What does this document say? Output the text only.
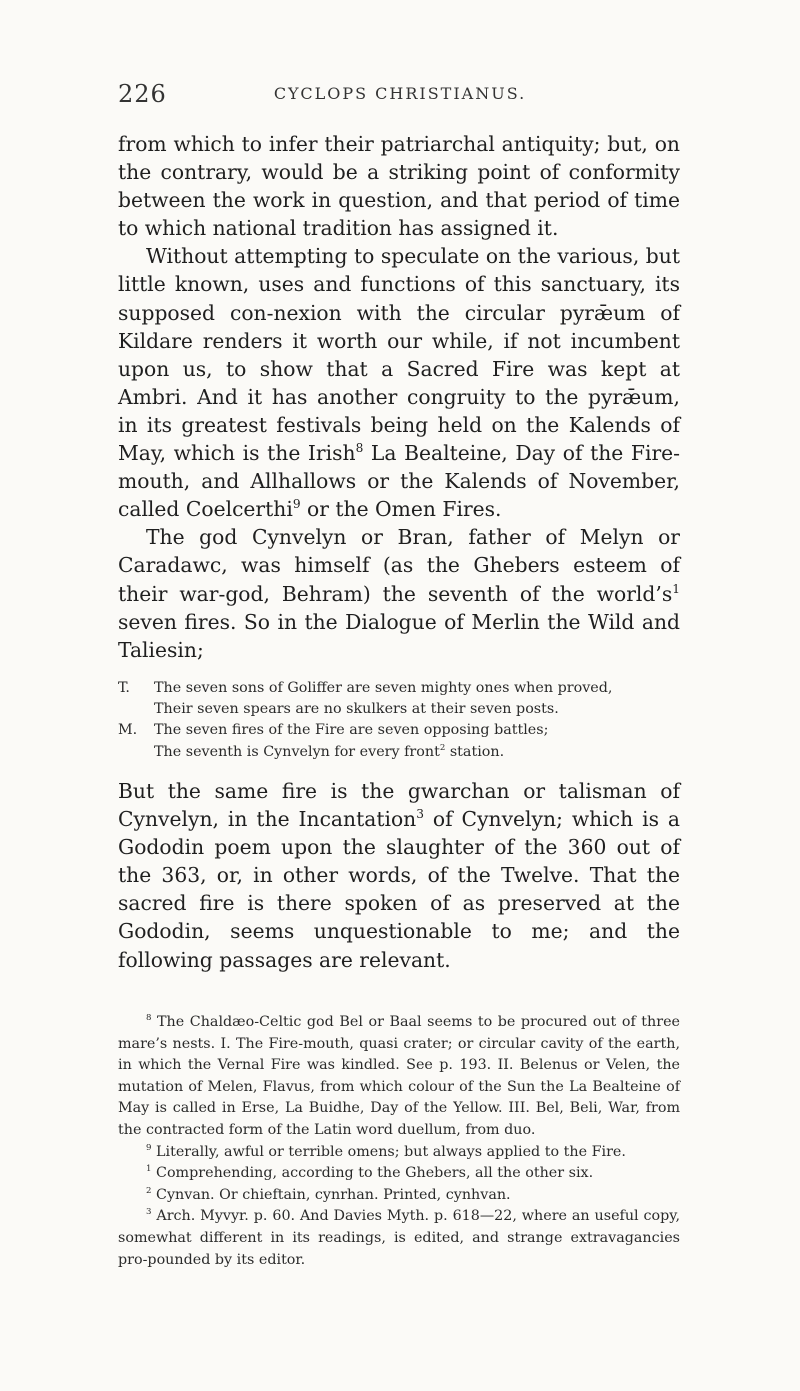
226	CYCLOPS CHRISTIANUS.

from which to infer their patriarchal antiquity; but, on the contrary, would be a striking point of conformity between the work in question, and that period of time to which national tradition has assigned it.

Without attempting to speculate on the various, but little known, uses and functions of this sanctuary, its supposed con-nexion with the circular pyrǣum of Kildare renders it worth our while, if not incumbent upon us, to show that a Sacred Fire was kept at Ambri. And it has another congruity to the pyrǣum, in its greatest festivals being held on the Kalends of May, which is the Irish$^8$ La Bealteine, Day of the Fire-mouth, and Allhallows or the Kalends of November, called Coelcerthi$^9$ or the Omen Fires.

The god Cynvelyn or Bran, father of Melyn or Caradawc, was himself (as the Ghebers esteem of their war-god, Behram) the seventh of the $world’s^1$ seven fires. So in the Dialogue of Merlin the Wild and Taliesin;

T. The seven sons of Goliffer are seven mighty ones when proved,
Their seven spears are no skulkers at their seven posts.
M. The seven fires of the Fire are seven opposing battles;
The seventh is Cynvelyn for every front$^2$ station.

But the same fire is the gwarchan or talisman of Cynvelyn, in the Incantation$^3$ of Cynvelyn; which is a Gododin poem upon the slaughter of the 360 out of the 363, or, in other words, of the Twelve. That the sacred fire is there spoken of as preserved at the Gododin, seems unquestionable to me; and the following passages are relevant.

$^8$ The Chaldæo-Celtic god Bel or Baal seems to be procured out of three mare’s nests. I. The Fire-mouth, quasi crater; or circular cavity of the earth, in which the Vernal Fire was kindled. See p. 193. II. Belenus or Velen, the mutation of Melen, Flavus, from which colour of the Sun the La Bealteine of May is called in Erse, La Buidhe, Day of the Yellow. III. Bel, Beli, War, from the contracted form of the Latin word duellum, from duo.

$^9$ Literally, awful or terrible omens; but always applied to the Fire.

$^1$ Comprehending, according to the Ghebers, all the other six.

$^2$ Cynvan. Or chieftain, cynrhan. Printed, cynhvan.

$^3$ Arch. Myvyr. p. 60. And Davies Myth. p. 618—22, where an useful copy, somewhat different in its readings, is edited, and strange extravagancies pro-pounded by its editor.
